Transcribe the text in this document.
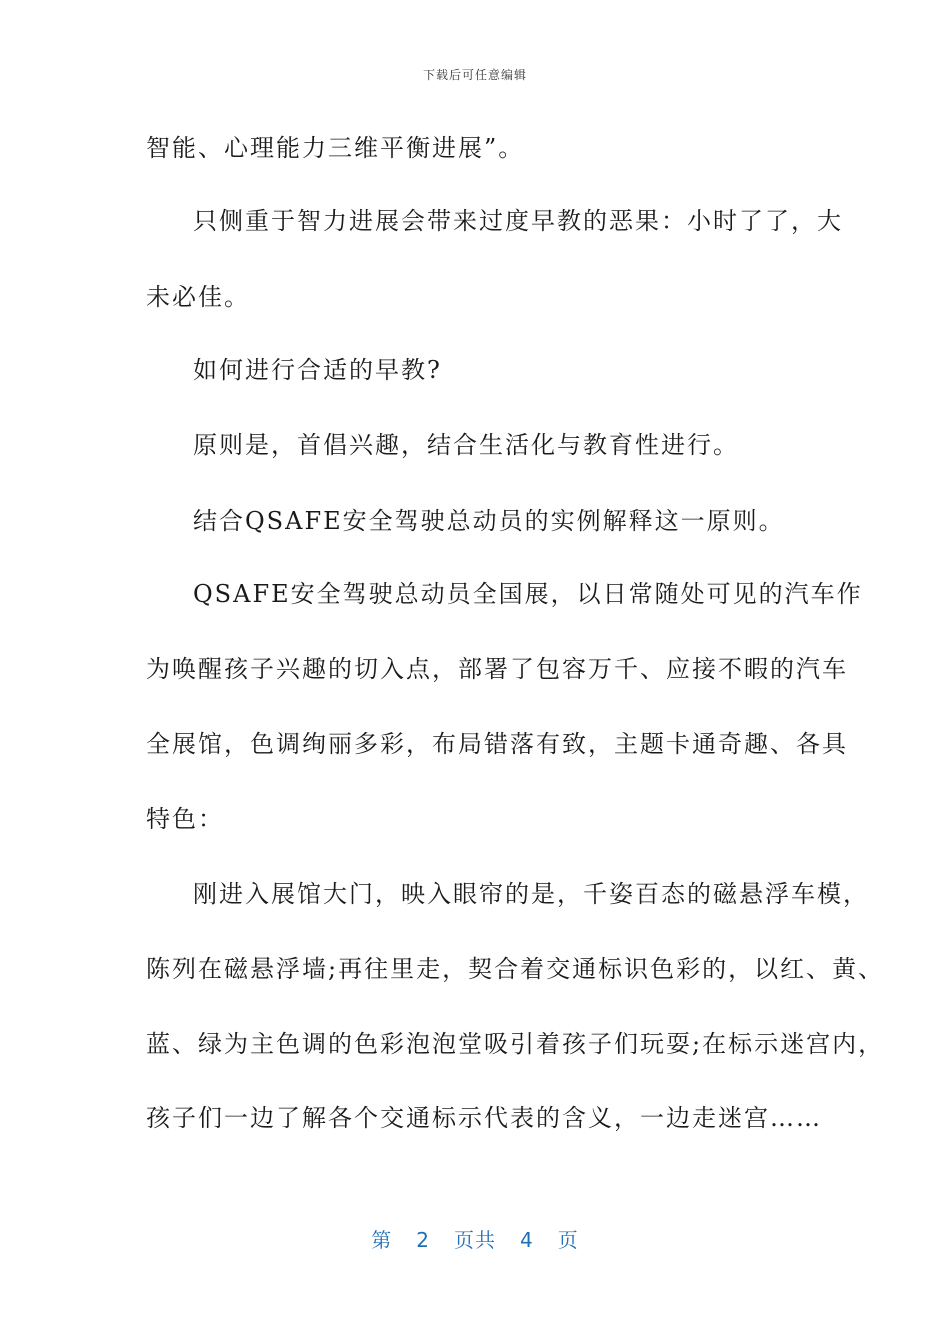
下载后可任意编辑
智能、心理能力三维平衡进展”。
只侧重于智力进展会带来过度早教的恶果：小时了了，大
未必佳。
如何进行合适的早教?
原则是，首倡兴趣，结合生活化与教育性进行。
结合QSAFE安全驾驶总动员的实例解释这一原则。
QSAFE安全驾驶总动员全国展，以日常随处可见的汽车作
为唤醒孩子兴趣的切入点，部署了包容万千、应接不暇的汽车
全展馆，色调绚丽多彩，布局错落有致，主题卡通奇趣、各具
特色：
刚进入展馆大门，映入眼帘的是，千姿百态的磁悬浮车模，
陈列在磁悬浮墙;再往里走，契合着交通标识色彩的，以红、黄、
蓝、绿为主色调的色彩泡泡堂吸引着孩子们玩耍;在标示迷宫内，
孩子们一边了解各个交通标示代表的含义，一边走迷宫……
第 2 页共 4 页
